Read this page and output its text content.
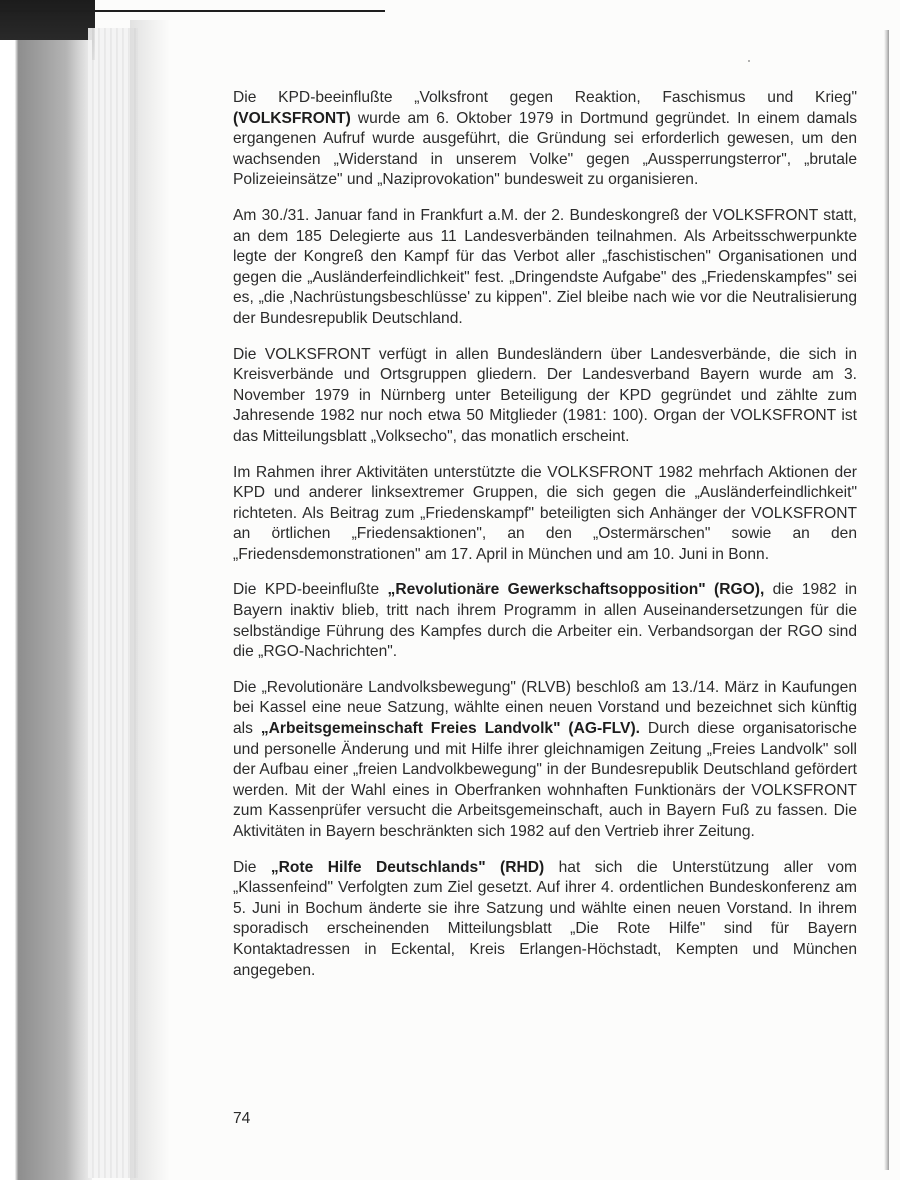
Die KPD-beeinflußte „Volksfront gegen Reaktion, Faschismus und Krieg" (VOLKSFRONT) wurde am 6. Oktober 1979 in Dortmund gegründet. In einem damals ergangenen Aufruf wurde ausgeführt, die Gründung sei erforderlich gewesen, um den wachsenden „Widerstand in unserem Volke" gegen „Aussperrungsterror", „brutale Polizeieinsätze" und „Naziprovokation" bundesweit zu organisieren.

Am 30./31. Januar fand in Frankfurt a.M. der 2. Bundeskongreß der VOLKSFRONT statt, an dem 185 Delegierte aus 11 Landesverbänden teilnahmen. Als Arbeitsschwerpunkte legte der Kongreß den Kampf für das Verbot aller „faschistischen" Organisationen und gegen die „Ausländerfeindlichkeit" fest. „Dringendste Aufgabe" des „Friedenskampfes" sei es, „die ‚Nachrüstungsbeschlüsse' zu kippen". Ziel bleibe nach wie vor die Neutralisierung der Bundesrepublik Deutschland.

Die VOLKSFRONT verfügt in allen Bundesländern über Landesverbände, die sich in Kreisverbände und Ortsgruppen gliedern. Der Landesverband Bayern wurde am 3. November 1979 in Nürnberg unter Beteiligung der KPD gegründet und zählte zum Jahresende 1982 nur noch etwa 50 Mitglieder (1981: 100). Organ der VOLKSFRONT ist das Mitteilungsblatt „Volksecho", das monatlich erscheint.

Im Rahmen ihrer Aktivitäten unterstützte die VOLKSFRONT 1982 mehrfach Aktionen der KPD und anderer linksextremer Gruppen, die sich gegen die „Ausländerfeindlichkeit" richteten. Als Beitrag zum „Friedenskampf" beteiligten sich Anhänger der VOLKSFRONT an örtlichen „Friedensaktionen", an den „Ostermärschen" sowie an den „Friedensdemonstrationen" am 17. April in München und am 10. Juni in Bonn.

Die KPD-beeinflußte „Revolutionäre Gewerkschaftsopposition" (RGO), die 1982 in Bayern inaktiv blieb, tritt nach ihrem Programm in allen Auseinandersetzungen für die selbständige Führung des Kampfes durch die Arbeiter ein. Verbandsorgan der RGO sind die „RGO-Nachrichten".

Die „Revolutionäre Landvolksbewegung" (RLVB) beschloß am 13./14. März in Kaufungen bei Kassel eine neue Satzung, wählte einen neuen Vorstand und bezeichnet sich künftig als „Arbeitsgemeinschaft Freies Landvolk" (AG-FLV). Durch diese organisatorische und personelle Änderung und mit Hilfe ihrer gleichnamigen Zeitung „Freies Landvolk" soll der Aufbau einer „freien Landvolkbewegung" in der Bundesrepublik Deutschland gefördert werden. Mit der Wahl eines in Oberfranken wohnhaften Funktionärs der VOLKSFRONT zum Kassenprüfer versucht die Arbeitsgemeinschaft, auch in Bayern Fuß zu fassen. Die Aktivitäten in Bayern beschränkten sich 1982 auf den Vertrieb ihrer Zeitung.

Die „Rote Hilfe Deutschlands" (RHD) hat sich die Unterstützung aller vom „Klassenfeind" Verfolgten zum Ziel gesetzt. Auf ihrer 4. ordentlichen Bundeskonferenz am 5. Juni in Bochum änderte sie ihre Satzung und wählte einen neuen Vorstand. In ihrem sporadisch erscheinenden Mitteilungsblatt „Die Rote Hilfe" sind für Bayern Kontaktadressen in Eckental, Kreis Erlangen-Höchstadt, Kempten und München angegeben.

74
